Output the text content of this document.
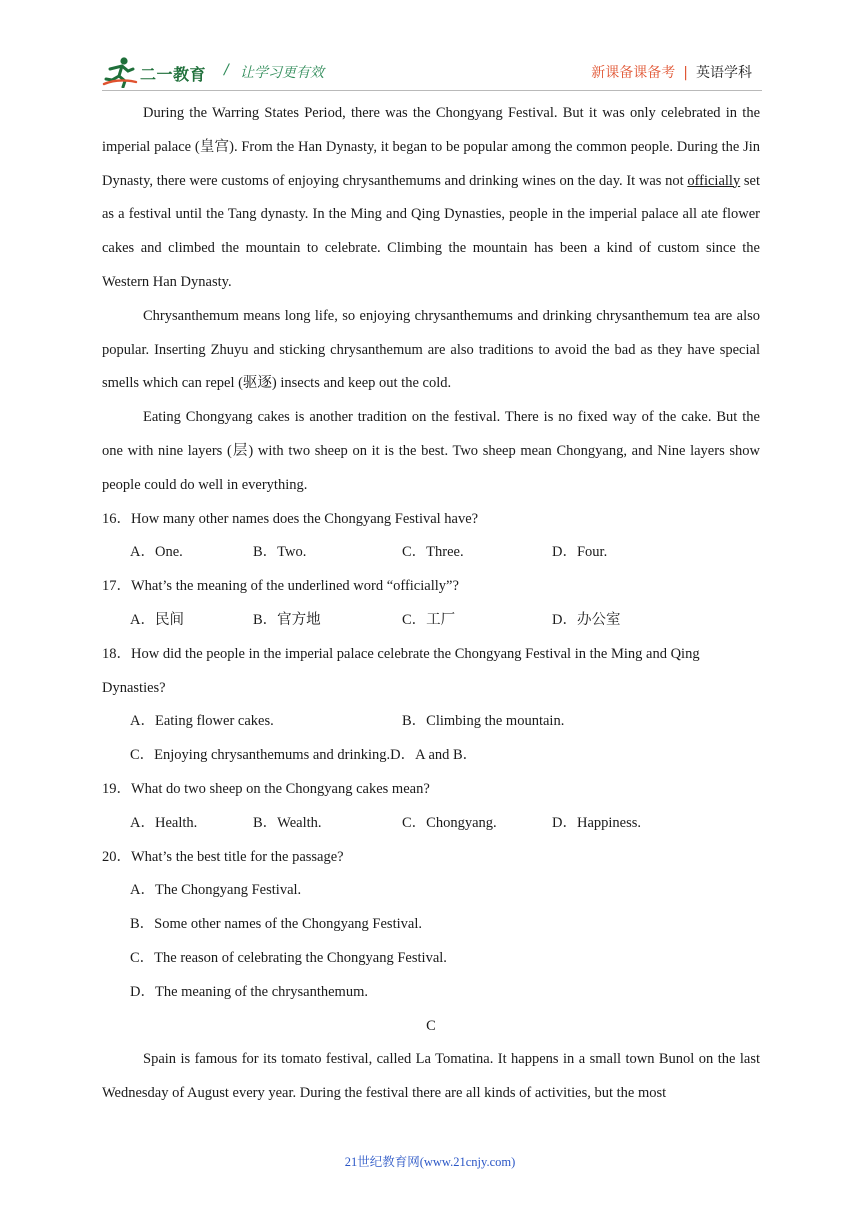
二一教育 / 让学习更有效	新课备课备考 | 英语学科

During the Warring States Period, there was the Chongyang Festival. But it was only celebrated in the imperial palace (皇宫). From the Han Dynasty, it began to be popular among the common people. During the Jin Dynasty, there were customs of enjoying chrysanthemums and drinking wines on the day. It was not officially set as a festival until the Tang dynasty. In the Ming and Qing Dynasties, people in the imperial palace all ate flower cakes and climbed the mountain to celebrate. Climbing the mountain has been a kind of custom since the Western Han Dynasty.

Chrysanthemum means long life, so enjoying chrysanthemums and drinking chrysanthemum tea are also popular. Inserting Zhuyu and sticking chrysanthemum are also traditions to avoid the bad as they have special smells which can repel (驱逐) insects and keep out the cold.

Eating Chongyang cakes is another tradition on the festival. There is no fixed way of the cake. But the one with nine layers (层) with two sheep on it is the best. Two sheep mean Chongyang, and Nine layers show people could do well in everything.

16．How many other names does the Chongyang Festival have?
A．One.	B．Two.	C．Three.	D．Four.
17．What’s the meaning of the underlined word “officially”?
A．民间	B．官方地	C．工厂	D．办公室
18．How did the people in the imperial palace celebrate the Chongyang Festival in the Ming and Qing
Dynasties?
A．Eating flower cakes.	B．Climbing the mountain.
C．Enjoying chrysanthemums and drinking.D．A and B．
19．What do two sheep on the Chongyang cakes mean?
A．Health.	B．Wealth.	C．Chongyang.	D．Happiness.
20．What’s the best title for the passage?
A．The Chongyang Festival.
B．Some other names of the Chongyang Festival.
C．The reason of celebrating the Chongyang Festival.
D．The meaning of the chrysanthemum.
C

Spain is famous for its tomato festival, called La Tomatina. It happens in a small town Bunol on the last Wednesday of August every year. During the festival there are all kinds of activities, but the most

21世纪教育网(www.21cnjy.com)
